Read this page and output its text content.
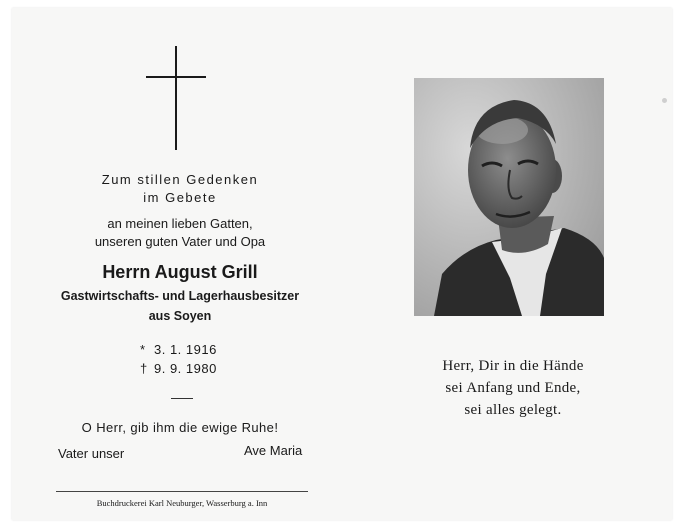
Zum stillen Gedenken
im Gebete
an meinen lieben Gatten,
unseren guten Vater und Opa
Herrn August Grill
Gastwirtschafts- und Lagerhausbesitzer
aus Soyen
* 3. 1. 1916
† 9. 9. 1980
O Herr, gib ihm die ewige Ruhe!
Vater unser	Ave Maria
Buchdruckerei Karl Neuburger, Wasserburg a. Inn
Herr, Dir in die Hände
sei Anfang und Ende,
sei alles gelegt.
